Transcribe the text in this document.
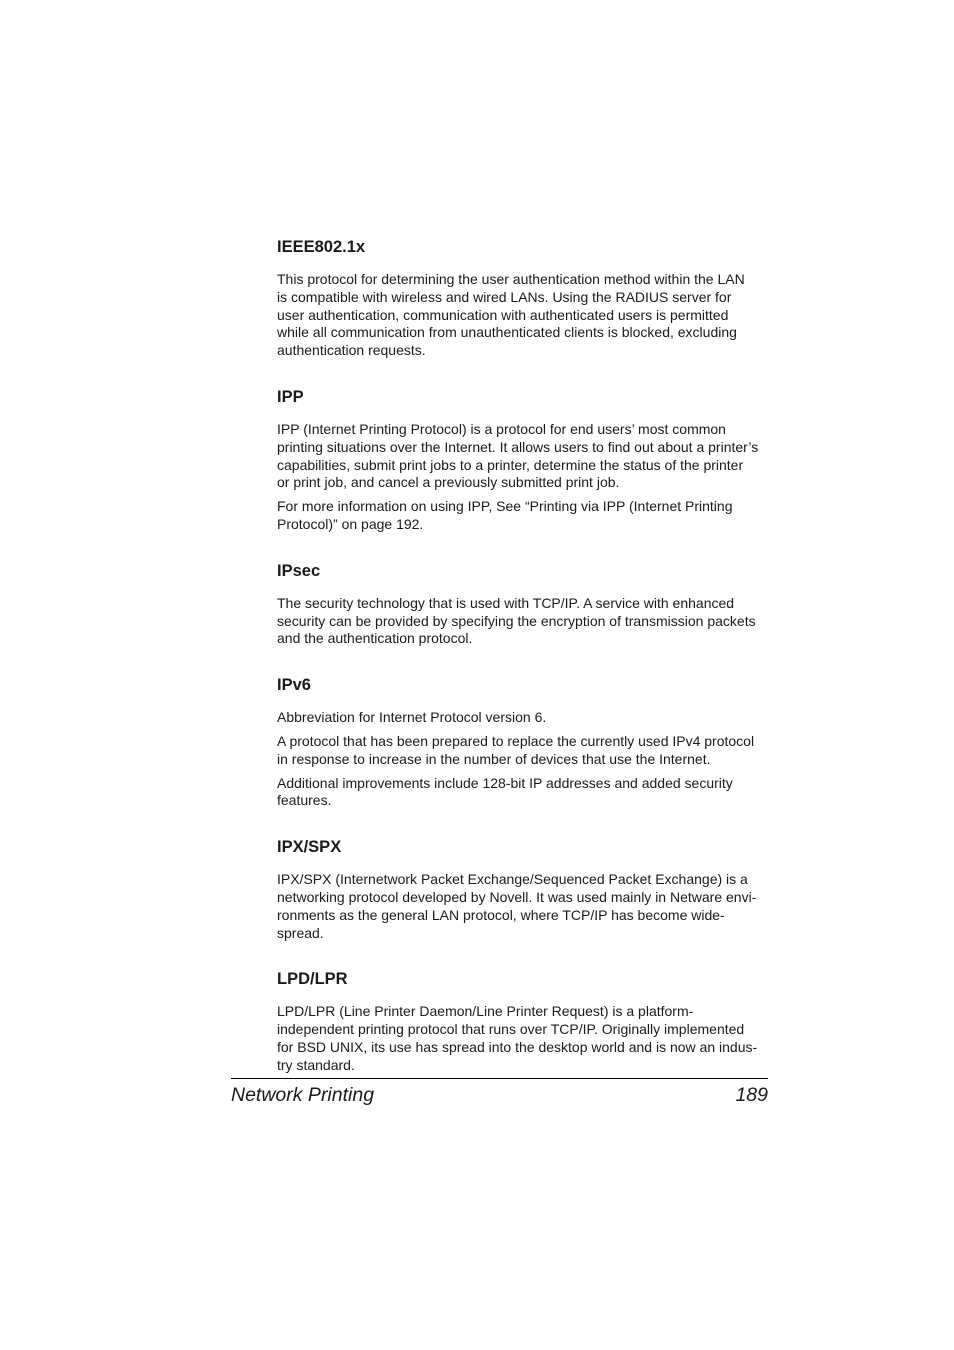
IEEE802.1x

This protocol for determining the user authentication method within the LAN
is compatible with wireless and wired LANs. Using the RADIUS server for
user authentication, communication with authenticated users is permitted
while all communication from unauthenticated clients is blocked, excluding
authentication requests.

IPP

IPP (Internet Printing Protocol) is a protocol for end users’ most common
printing situations over the Internet. It allows users to find out about a printer’s
capabilities, submit print jobs to a printer, determine the status of the printer
or print job, and cancel a previously submitted print job.

For more information on using IPP, See “Printing via IPP (Internet Printing
Protocol)” on page 192.

IPsec

The security technology that is used with TCP/IP. A service with enhanced
security can be provided by specifying the encryption of transmission packets
and the authentication protocol.

IPv6

Abbreviation for Internet Protocol version 6.

A protocol that has been prepared to replace the currently used IPv4 protocol
in response to increase in the number of devices that use the Internet.

Additional improvements include 128-bit IP addresses and added security
features.

IPX/SPX

IPX/SPX (Internetwork Packet Exchange/Sequenced Packet Exchange) is a
networking protocol developed by Novell. It was used mainly in Netware envi-
ronments as the general LAN protocol, where TCP/IP has become wide-
spread.

LPD/LPR

LPD/LPR (Line Printer Daemon/Line Printer Request) is a platform-
independent printing protocol that runs over TCP/IP. Originally implemented
for BSD UNIX, its use has spread into the desktop world and is now an indus-
try standard.

Network Printing	189
